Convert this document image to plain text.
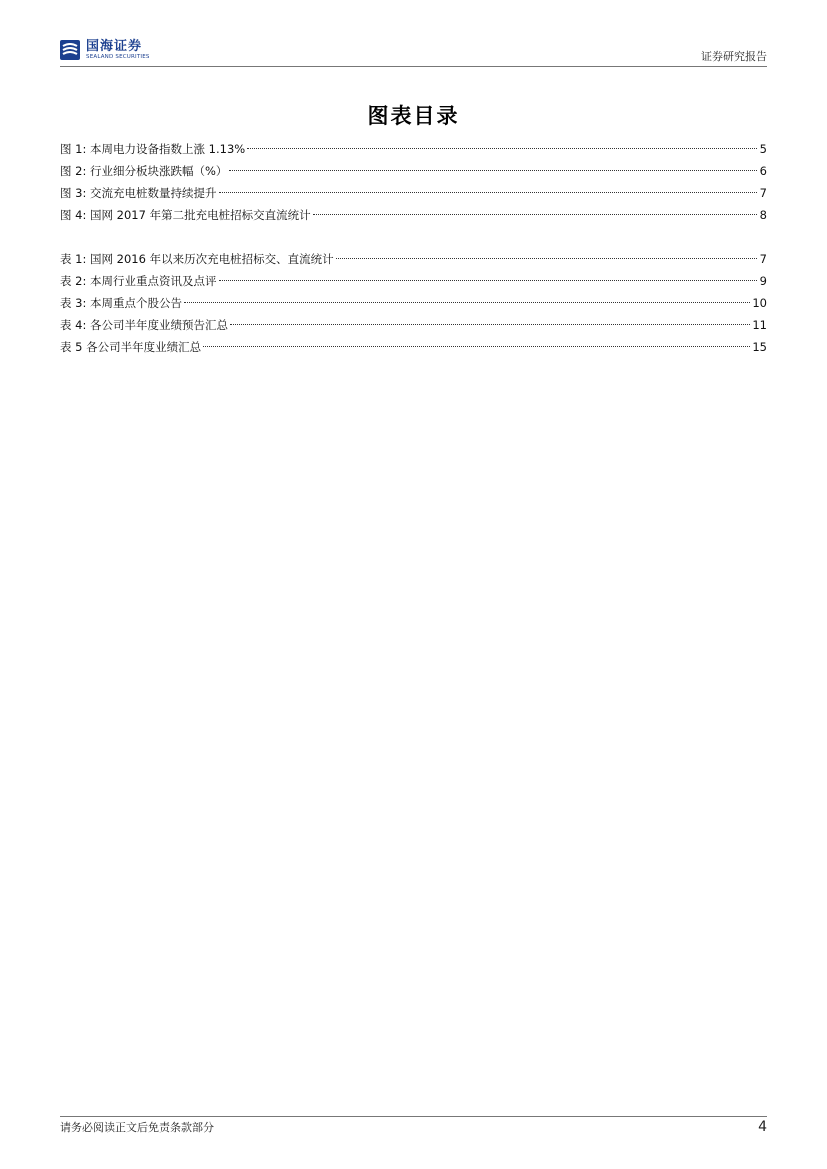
国海证券
SEALAND SECURITIES	证券研究报告
图表目录
图 1: 本周电力设备指数上涨 1.13%	5
图 2: 行业细分板块涨跌幅（%）	6
图 3: 交流充电桩数量持续提升	7
图 4: 国网 2017 年第二批充电桩招标交直流统计	8
表 1: 国网 2016 年以来历次充电桩招标交、直流统计	7
表 2: 本周行业重点资讯及点评	9
表 3: 本周重点个股公告	10
表 4: 各公司半年度业绩预告汇总	11
表 5 各公司半年度业绩汇总	15
请务必阅读正文后免责条款部分	4
